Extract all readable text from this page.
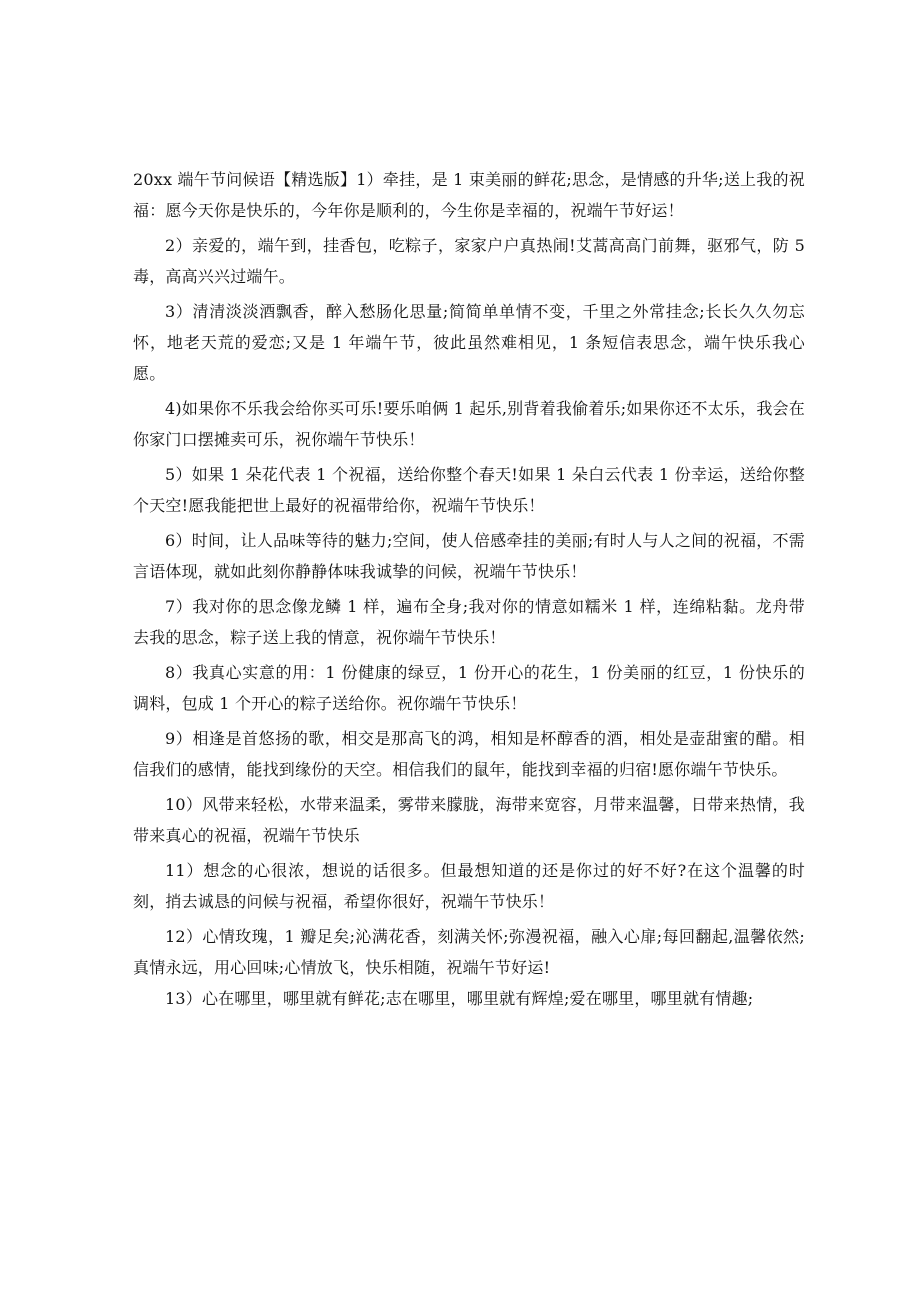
20xx 端午节问候语【精选版】1）牵挂，是 1 束美丽的鲜花;思念，是情感的升华;送上我的祝福：愿今天你是快乐的，今年你是顺利的，今生你是幸福的，祝端午节好运！

2）亲爱的，端午到，挂香包，吃粽子，家家户户真热闹!艾蒿高高门前舞，驱邪气，防 5 毒，高高兴兴过端午。

3）清清淡淡酒飘香，醉入愁肠化思量;简简单单情不变，千里之外常挂念;长长久久勿忘怀，地老天荒的爱恋;又是 1 年端午节，彼此虽然难相见，1 条短信表思念，端午快乐我心愿。

4)如果你不乐我会给你买可乐!要乐咱俩 1 起乐,别背着我偷着乐;如果你还不太乐，我会在你家门口摆摊卖可乐，祝你端午节快乐！

5）如果 1 朵花代表 1 个祝福，送给你整个春天!如果 1 朵白云代表 1 份幸运，送给你整个天空!愿我能把世上最好的祝福带给你，祝端午节快乐！

6）时间，让人品味等待的魅力;空间，使人倍感牵挂的美丽;有时人与人之间的祝福，不需言语体现，就如此刻你静静体味我诚挚的问候，祝端午节快乐！

7）我对你的思念像龙鳞 1 样，遍布全身;我对你的情意如糯米 1 样，连绵粘黏。龙舟带去我的思念，粽子送上我的情意，祝你端午节快乐！

8）我真心实意的用：1 份健康的绿豆，1 份开心的花生，1 份美丽的红豆，1 份快乐的调料，包成 1 个开心的粽子送给你。祝你端午节快乐！

9）相逢是首悠扬的歌，相交是那高飞的鸿，相知是杯醇香的酒，相处是壶甜蜜的醋。相信我们的感情，能找到缘份的天空。相信我们的鼠年，能找到幸福的归宿!愿你端午节快乐。

10）风带来轻松，水带来温柔，雾带来朦胧，海带来宽容，月带来温馨，日带来热情，我带来真心的祝福，祝端午节快乐

11）想念的心很浓，想说的话很多。但最想知道的还是你过的好不好?在这个温馨的时刻，捎去诚恳的问候与祝福，希望你很好，祝端午节快乐！

12）心情玫瑰，1 瓣足矣;沁满花香，刻满关怀;弥漫祝福，融入心扉;每回翻起,温馨依然;真情永远，用心回味;心情放飞，快乐相随，祝端午节好运!

13）心在哪里，哪里就有鲜花;志在哪里，哪里就有辉煌;爱在哪里，哪里就有情趣;
